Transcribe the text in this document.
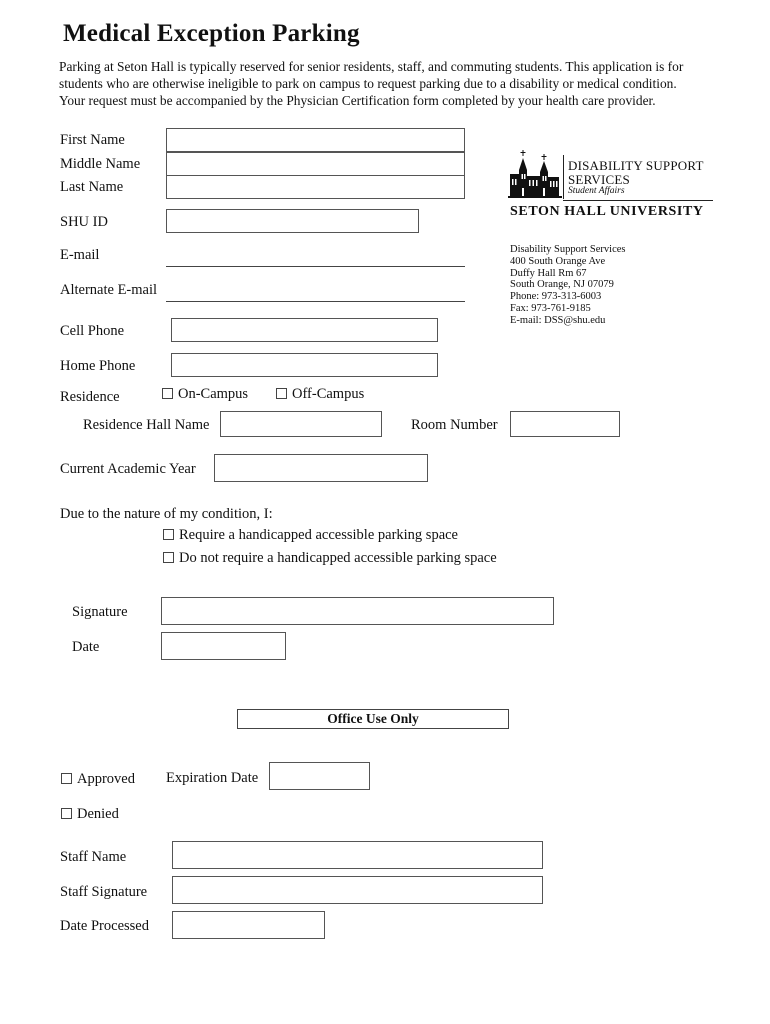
Medical Exception Parking
Parking at Seton Hall is typically reserved for senior residents, staff, and commuting students. This application is for
students who are otherwise ineligible to park on campus to request parking due to a disability or medical condition.
Your request must be accompanied by the Physician Certification form completed by your health care provider.
First Name
Middle Name
Last Name
SHU ID
E-mail
Alternate E-mail
Cell Phone
Home Phone
Residence	On-Campus	Off-Campus
Residence Hall Name	Room Number
Current Academic Year
Due to the nature of my condition, I:
Require a handicapped accessible parking space
Do not require a handicapped accessible parking space
Signature
Date
Office Use Only
Approved Expiration Date
Denied
Staff Name
Staff Signature
Date Processed
DISABILITY SUPPORT
SERVICES
Student Affairs
SETON HALL UNIVERSITY
Disability Support Services
400 South Orange Ave
Duffy Hall Rm 67
South Orange, NJ 07079
Phone: 973-313-6003
Fax: 973-761-9185
E-mail: DSS@shu.edu
